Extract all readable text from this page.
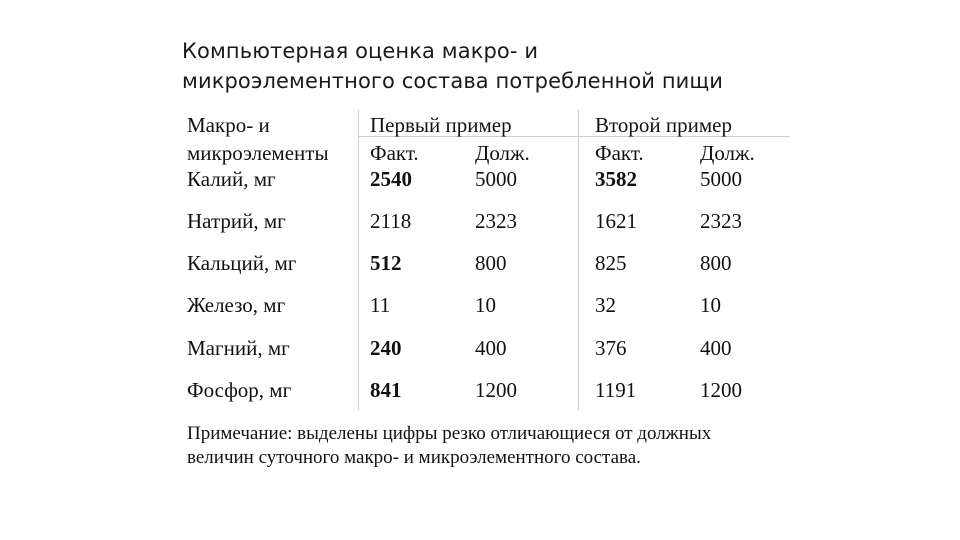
Компьютерная оценка макро- и
микроэлементного состава потребленной пищи
Макро- и
микроэлементы
Первый пример	Второй пример
Факт.	Долж.	Факт.	Долж.
Калий, мг	2540	5000	3582	5000
Натрий, мг	2118	2323	1621	2323
Кальций, мг	512	800	825	800
Железо, мг	11	10	32	10
Магний, мг	240	400	376	400
Фосфор, мг	841	1200	1191	1200
Примечание: выделены цифры резко отличающиеся от должных величин суточного макро- и микроэлементного состава.
